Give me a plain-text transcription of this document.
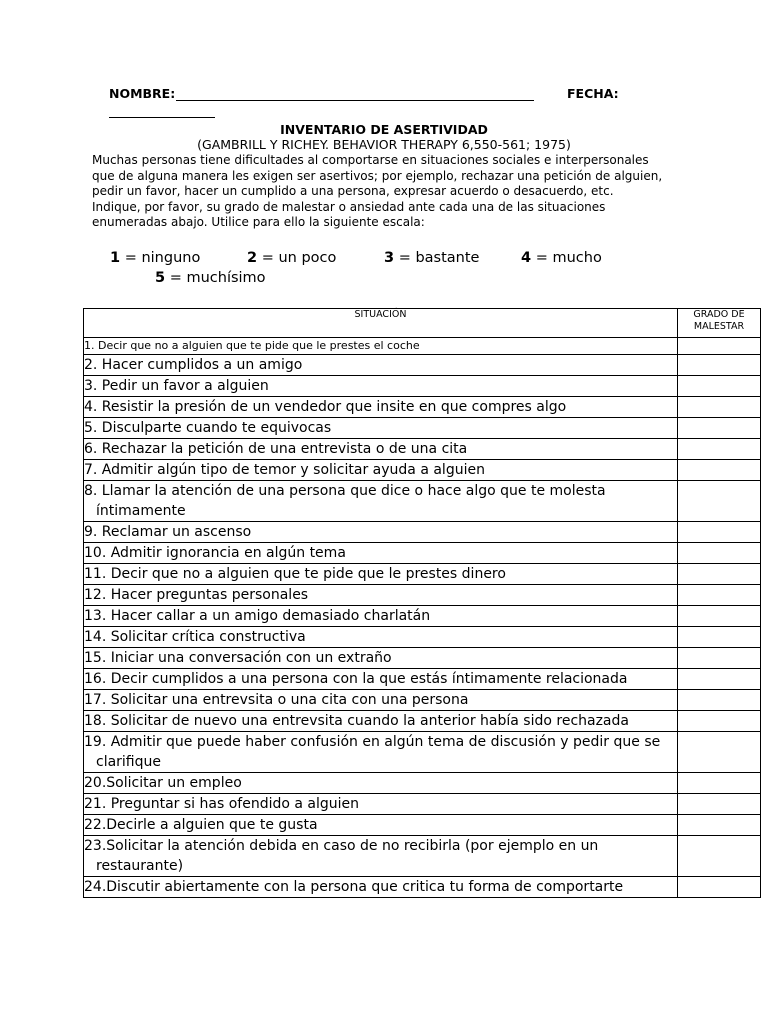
NOMBRE:	FECHA:
INVENTARIO DE ASERTIVIDAD
(GAMBRILL Y RICHEY. BEHAVIOR THERAPY 6,550-561; 1975)

Muchas personas tiene dificultades al comportarse en situaciones sociales e interpersonales que de alguna manera les exigen ser asertivos; por ejemplo, rechazar una petición de alguien, pedir un favor, hacer un cumplido a una persona, expresar acuerdo o desacuerdo, etc.

Indique, por favor, su grado de malestar o ansiedad ante cada una de las situaciones enumeradas abajo. Utilice para ello la siguiente escala:

1 = ninguno	2 = un poco	3 = bastante	4 = mucho
5 = muchísimo
SITUACIÓN	GRADO DE
MALESTAR
1. Decir que no a alguien que te pide que le prestes el coche	
2. Hacer cumplidos a un amigo	
3. Pedir un favor a alguien	
4. Resistir la presión de un vendedor que insite en que compres algo	
5. Disculparte cuando te equivocas	
6. Rechazar la petición de una entrevista o de una cita	
7. Admitir algún tipo de temor y solicitar ayuda a alguien	
8. Llamar la atención de una persona que dice o hace algo que te molesta
íntimamente	

9. Reclamar un ascenso	
10. Admitir ignorancia en algún tema	
11. Decir que no a alguien que te pide que le prestes dinero	
12. Hacer preguntas personales	
13. Hacer callar a un amigo demasiado charlatán	
14. Solicitar crítica constructiva	
15. Iniciar una conversación con un extraño	
16. Decir cumplidos a una persona con la que estás íntimamente relacionada	
17. Solicitar una entrevsita o una cita con una persona	
18. Solicitar de nuevo una entrevsita cuando la anterior había sido rechazada	
19. Admitir que puede haber confusión en algún tema de discusión y pedir que se
clarifique	

20.Solicitar un empleo	
21. Preguntar si has ofendido a alguien	
22.Decirle a alguien que te gusta	
23.Solicitar la atención debida en caso de no recibirla (por ejemplo en un
restaurante)	

24.Discutir abiertamente con la persona que critica tu forma de comportarte	
